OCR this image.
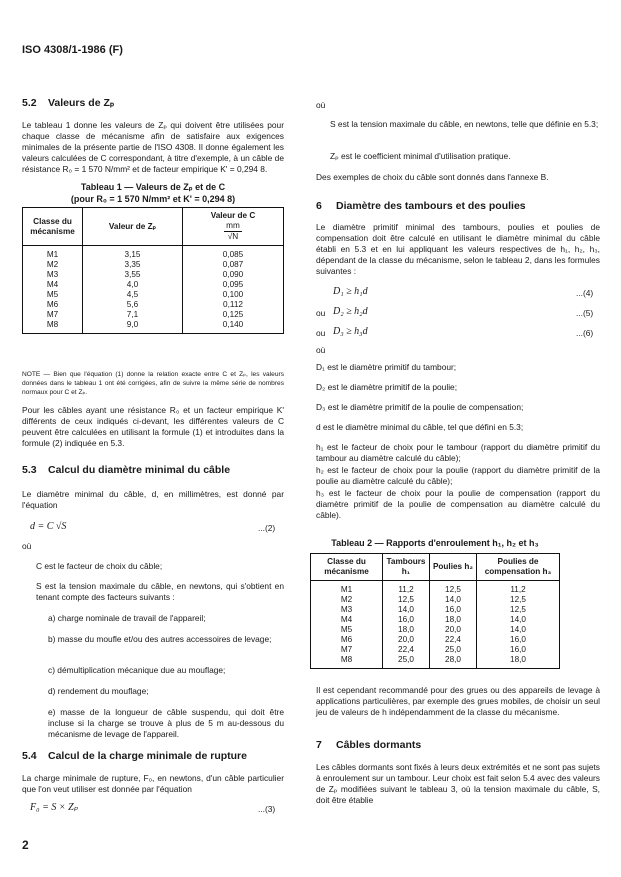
ISO 4308/1-1986 (F)
5.2 Valeurs de Zₚ

Le tableau 1 donne les valeurs de Zₚ qui doivent être utilisées pour chaque classe de mécanisme afin de satisfaire aux exigences minimales de la présente partie de l'ISO 4308. Il donne également les valeurs calculées de C correspondant, à titre d'exemple, à un câble de résistance R₀ = 1 570 N/mm² et de facteur empirique K' = 0,294 8.

Tableau 1 — Valeurs de Zₚ et de C
(pour R₀ = 1 570 N/mm² et K' = 0,294 8)
Classe du mécanisme	Valeur de Zₚ	Valeur de C
mm
√N

M1	3,15	0,085
M2	3,35	0,087
M3	3,55	0,090
M4	4,0	0,095
M5	4,5	0,100
M6	5,6	0,112
M7	7,1	0,125
M8	9,0	0,140
NOTE — Bien que l'équation (1) donne la relation exacte entre C et Zₚ, les valeurs données dans le tableau 1 ont été corrigées, afin de suivre la même série de nombres normaux pour C et Zₚ.

Pour les câbles ayant une résistance R₀ et un facteur empirique K' différents de ceux indiqués ci-devant, les différentes valeurs de C peuvent être calculées en utilisant la formule (1) et introduites dans la formule (2) indiquée en 5.3.

5.3 Calcul du diamètre minimal du câble

Le diamètre minimal du câble, d, en millimètres, est donné par l'équation

d = C √S	...(2)
où
C est le facteur de choix du câble;
S est la tension maximale du câble, en newtons, qui s'obtient en tenant compte des facteurs suivants :
a) charge nominale de travail de l'appareil;
b) masse du moufle et/ou des autres accessoires de levage;
c) démultiplication mécanique due au mouflage;
d) rendement du mouflage;
e) masse de la longueur de câble suspendu, qui doit être incluse si la charge se trouve à plus de 5 m au-dessous du mécanisme de levage de l'appareil.
5.4 Calcul de la charge minimale de rupture

La charge minimale de rupture, F₀, en newtons, d'un câble particulier que l'on veut utiliser est donnée par l'équation

F₀ = S × Zₚ	...(3)
2
où
S est la tension maximale du câble, en newtons, telle que définie en 5.3;
Zₚ est le coefficient minimal d'utilisation pratique.

Des exemples de choix du câble sont donnés dans l'annexe B.

6 Diamètre des tambours et des poulies

Le diamètre primitif minimal des tambours, poulies et poulies de compensation doit être calculé en utilisant le diamètre minimal du câble établi en 5.3 et en lui appliquant les valeurs respectives de h₁, h₂, h₃, dépendant de la classe du mécanisme, selon le tableau 2, dans les formules suivantes :

D₁ ≥ h₁d	...(4)
ou D₂ ≥ h₂d	...(5)
ou D₃ ≥ h₃d	...(6)
où
D₁ est le diamètre primitif du tambour;
D₂ est le diamètre primitif de la poulie;
D₃ est le diamètre primitif de la poulie de compensation;
d est le diamètre minimal du câble, tel que défini en 5.3;
h₁ est le facteur de choix pour le tambour (rapport du diamètre primitif du tambour au diamètre calculé du câble);
h₂ est le facteur de choix pour la poulie (rapport du diamètre primitif de la poulie au diamètre calculé du câble);
h₃ est le facteur de choix pour la poulie de compensation (rapport du diamètre primitif de la poulie de compensation au diamètre calculé du câble).
Tableau 2 — Rapports d'enroulement h₁, h₂ et h₃
Classe du mécanisme	Tambours h₁	Poulies h₂	Poulies de compensation h₃
M1	11,2	12,5	11,2
M2	12,5	14,0	12,5
M3	14,0	16,0	12,5
M4	16,0	18,0	14,0
M5	18,0	20,0	14,0
M6	20,0	22,4	16,0
M7	22,4	25,0	16,0
M8	25,0	28,0	18,0

Il est cependant recommandé pour des grues ou des appareils de levage à applications particulières, par exemple des grues mobiles, de choisir un seul jeu de valeurs de h indépendamment de la classe du mécanisme.

7 Câbles dormants

Les câbles dormants sont fixés à leurs deux extrémités et ne sont pas sujets à enroulement sur un tambour. Leur choix est fait selon 5.4 avec des valeurs de Zₚ modifiées suivant le tableau 3, où la tension maximale du câble, S, doit être établie
